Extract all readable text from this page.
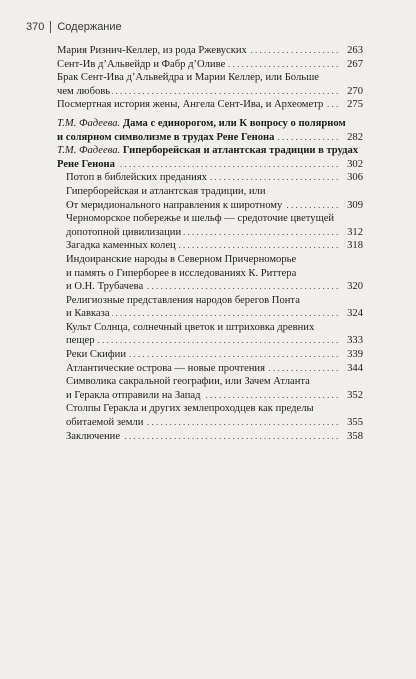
370 Содержание
Мария Ризнич-Келлер, из рода Ржевуских . . .	263
Сент-Ив д’Альвейдр и Фабр д’Оливе . . .	267
Брак Сент-Ива д’Альвейдра и Марии Келлер, или Больше
чем любовь . . .	270
Посмертная история жены, Ангела Сент-Ива, и Археометр . . .	275
Т.М. Фадеева. Дама с единорогом, или К вопросу о полярном
и солярном символизме в трудах Рене Генона . . .	282
Т.М. Фадеева. Гиперборейская и атлантская традиции в трудах
Рене Генона . . .	302
Потоп в библейских преданиях . . .	306
Гиперборейская и атлантская традиции, или
От меридионального направления к широтному . . .	309
Черноморское побережье и шельф — средоточие цветущей
допотопной цивилизации . . .	312
Загадка каменных колец . . .	318
Индоиранские народы в Северном Причерноморье
и память о Гиперборее в исследованиях К. Риттера
и О.Н. Трубачева . . .	320
Религиозные представления народов берегов Понта
и Кавказа . . .	324
Культ Солнца, солнечный цветок и штриховка древних
пещер . . .	333
Реки Скифии . . .	339
Атлантические острова — новые прочтения . . .	344
Символика сакральной географии, или Зачем Атланта
и Геракла отправили на Запад . . .	352
Столпы Геракла и других землепроходцев как пределы
обитаемой земли . . .	355
Заключение . . .	358
